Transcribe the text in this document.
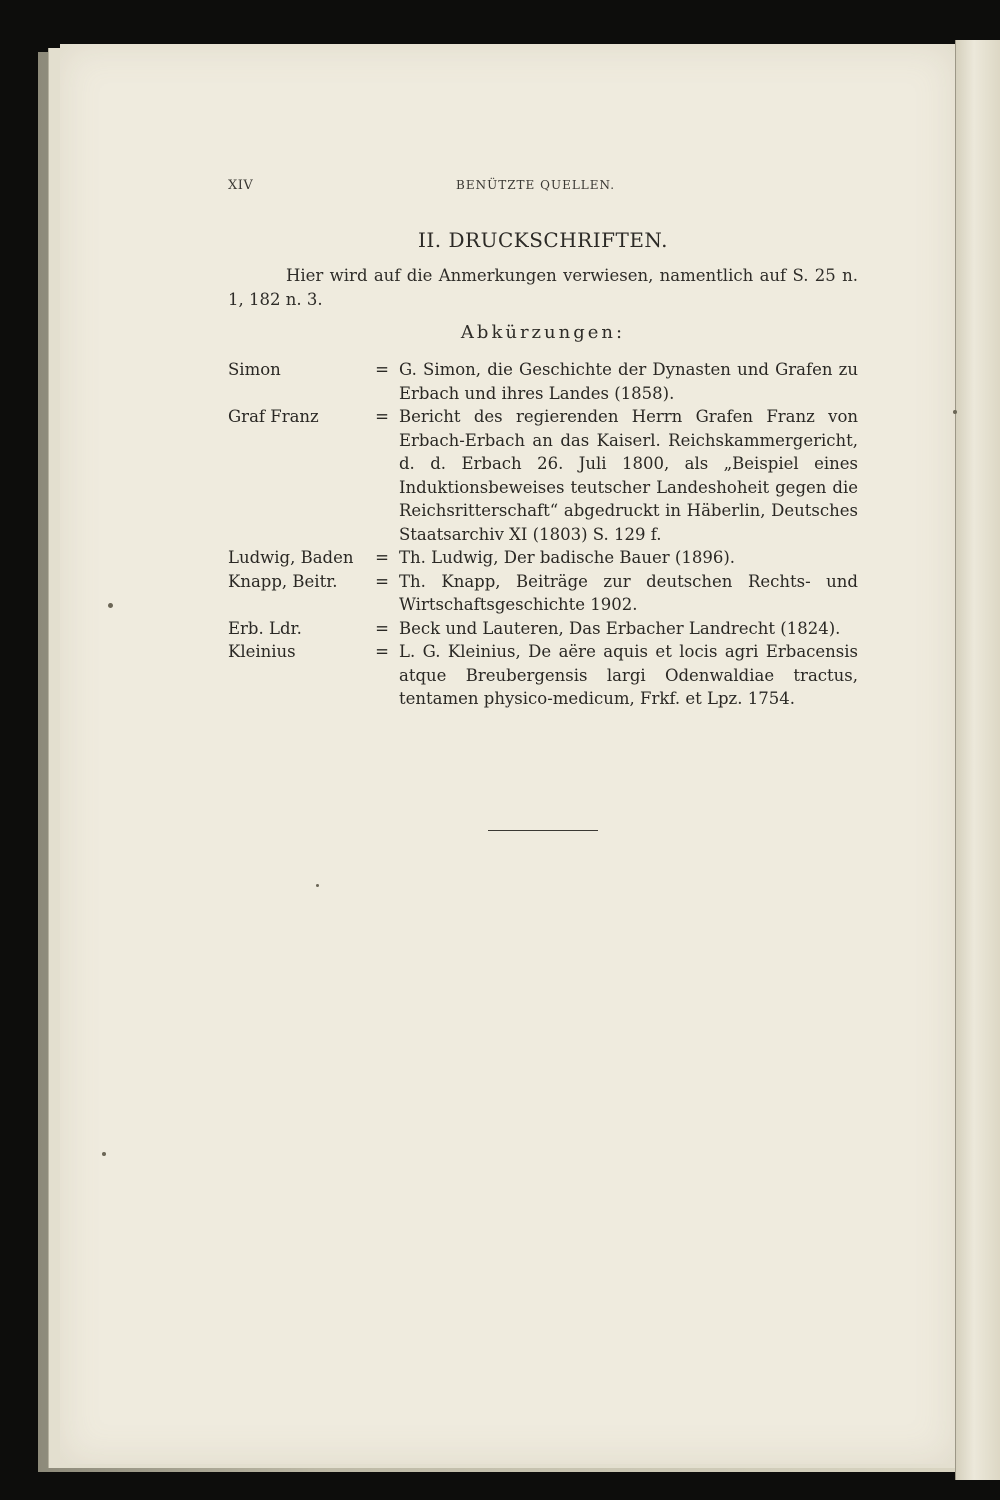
XIV	BENÜTZTE QUELLEN.
II. DRUCKSCHRIFTEN.
Hier wird auf die Anmerkungen verwiesen, namentlich auf S. 25 n. 1, 182 n. 3.
Abkürzungen:
Simon	= G. Simon, die Geschichte der Dynasten und Grafen zu Erbach und ihres Landes (1858).
Graf Franz	= Bericht des regierenden Herrn Grafen Franz von Erbach-Erbach an das Kaiserl. Reichskammergericht, d. d. Erbach 26. Juli 1800, als „Beispiel eines Induktionsbeweises teutscher Landeshoheit gegen die Reichsritterschaft“ abgedruckt in Häberlin, Deutsches Staatsarchiv XI (1803) S. 129 f.
Ludwig, Baden	= Th. Ludwig, Der badische Bauer (1896).
Knapp, Beitr.	= Th. Knapp, Beiträge zur deutschen Rechts- und Wirtschaftsgeschichte 1902.
Erb. Ldr.	= Beck und Lauteren, Das Erbacher Landrecht (1824).
Kleinius	= L. G. Kleinius, De aëre aquis et locis agri Erbacensis atque Breubergensis largi Odenwaldiae tractus, tentamen physico-medicum, Frkf. et Lpz. 1754.
